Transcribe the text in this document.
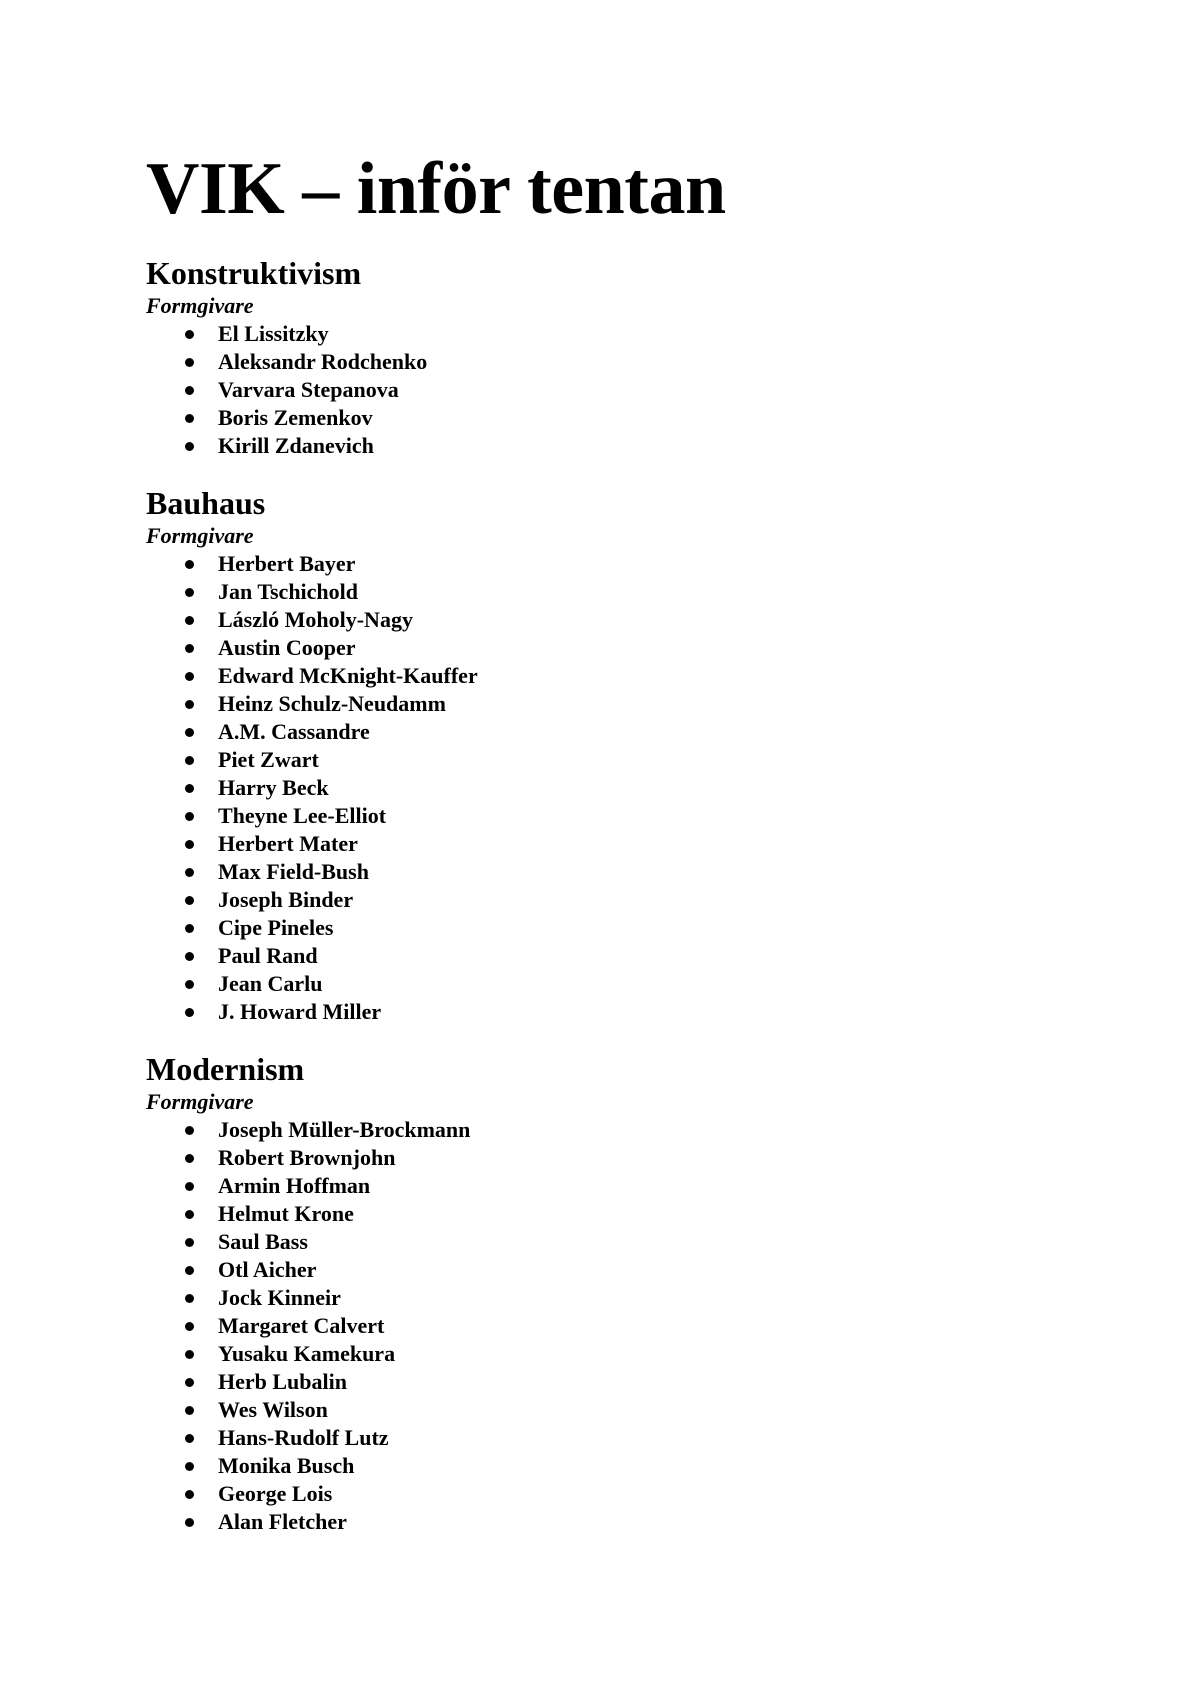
VIK – inför tentan
Konstruktivism

Formgivare

El Lissitzky
Aleksandr Rodchenko
Varvara Stepanova
Boris Zemenkov
Kirill Zdanevich
Bauhaus

Formgivare

Herbert Bayer
Jan Tschichold
László Moholy-Nagy
Austin Cooper
Edward McKnight-Kauffer
Heinz Schulz-Neudamm
A.M. Cassandre
Piet Zwart
Harry Beck
Theyne Lee-Elliot
Herbert Mater
Max Field-Bush
Joseph Binder
Cipe Pineles
Paul Rand
Jean Carlu
J. Howard Miller
Modernism

Formgivare

Joseph Müller-Brockmann
Robert Brownjohn
Armin Hoffman
Helmut Krone
Saul Bass
Otl Aicher
Jock Kinneir
Margaret Calvert
Yusaku Kamekura
Herb Lubalin
Wes Wilson
Hans-Rudolf Lutz
Monika Busch
George Lois
Alan Fletcher
